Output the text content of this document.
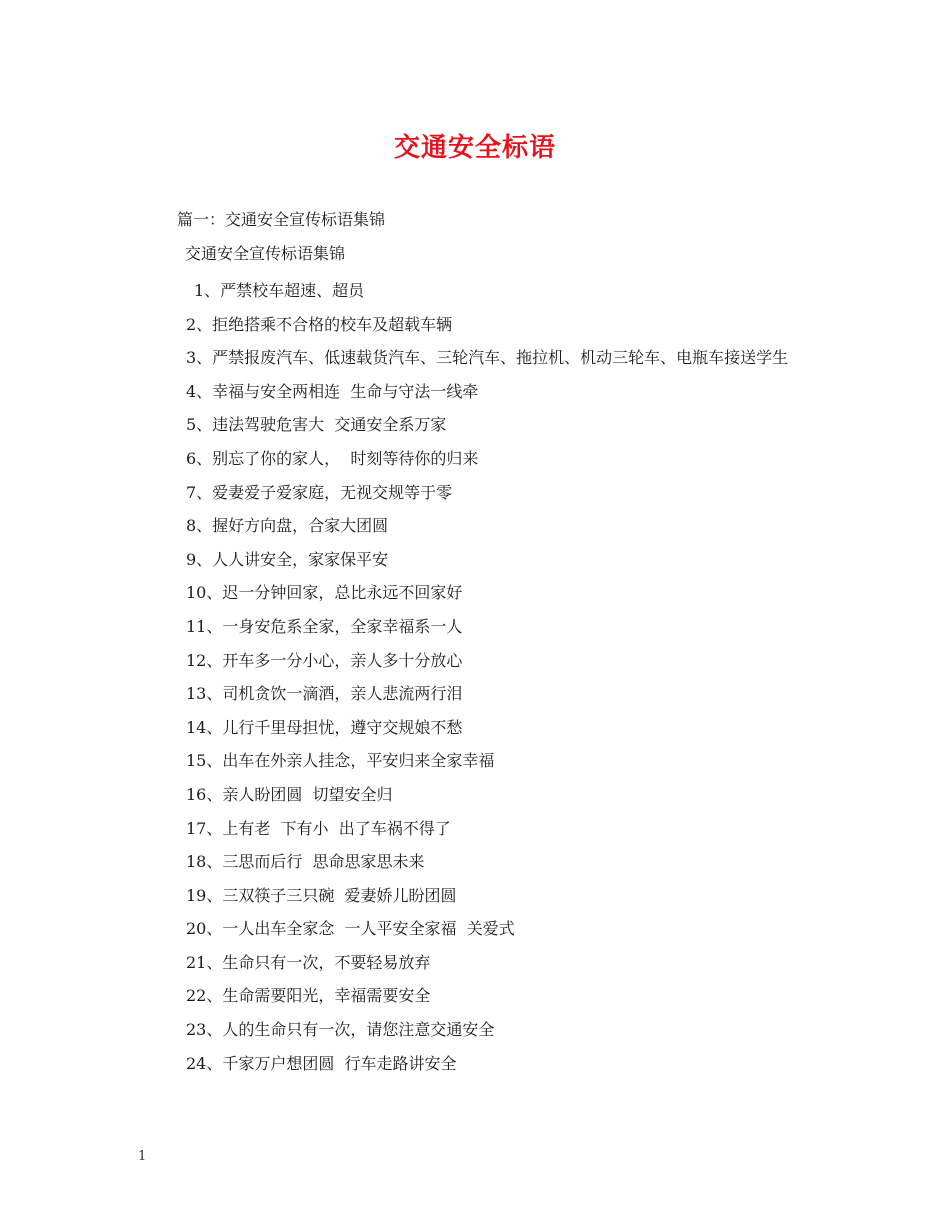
交通安全标语

篇一：交通安全宣传标语集锦

交通安全宣传标语集锦

1、严禁校车超速、超员
2、拒绝搭乘不合格的校车及超载车辆
3、严禁报废汽车、低速载货汽车、三轮汽车、拖拉机、机动三轮车、电瓶车接送学生
4、幸福与安全两相连  生命与守法一线牵
5、违法驾驶危害大  交通安全系万家
6、别忘了你的家人，  时刻等待你的归来
7、爱妻爱子爱家庭，无视交规等于零
8、握好方向盘，合家大团圆
9、人人讲安全，家家保平安
10、迟一分钟回家，总比永远不回家好
11、一身安危系全家，全家幸福系一人
12、开车多一分小心，亲人多十分放心
13、司机贪饮一滴酒，亲人悲流两行泪
14、儿行千里母担忧，遵守交规娘不愁
15、出车在外亲人挂念，平安归来全家幸福
16、亲人盼团圆  切望安全归
17、上有老  下有小  出了车祸不得了
18、三思而后行  思命思家思未来
19、三双筷子三只碗  爱妻娇儿盼团圆
20、一人出车全家念  一人平安全家福  关爱式
21、生命只有一次，不要轻易放弃
22、生命需要阳光，幸福需要安全
23、人的生命只有一次，请您注意交通安全
24、千家万户想团圆  行车走路讲安全
1
